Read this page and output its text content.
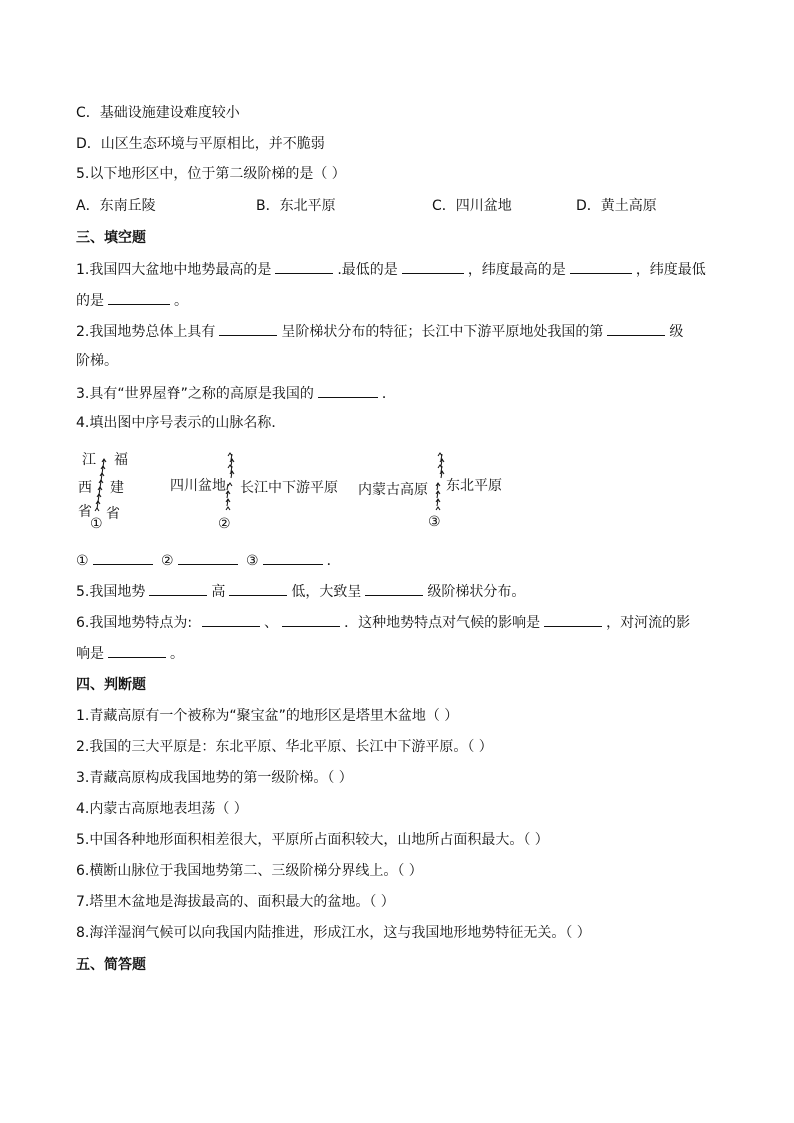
C．基础设施建设难度较小
D．山区生态环境与平原相比，并不脆弱
5.以下地形区中，位于第二级阶梯的是（ ）
A．东南丘陵	B．东北平原	C．四川盆地	D．黄土高原
三、填空题
1.我国四大盆地中地势最高的是	.最低的是	，纬度最高的是	，纬度最低
的是	。
2.我国地势总体上具有	呈阶梯状分布的特征；长江中下游平原地处我国的第	级
阶梯。
3.具有“世界屋脊”之称的高原是我国的	．
4.填出图中序号表示的山脉名称．
江
西
省
福
建
省
①
四川盆地 长江中下游平原
②
内蒙古高原 东北平原
③
①	②	③	．
5.我国地势	高	低，大致呈	级阶梯状分布。
6.我国地势特点为:	、	．这种地势特点对气候的影响是	，对河流的影
响是	。
四、判断题
1.青藏高原有一个被称为“聚宝盆”的地形区是塔里木盆地（ ）
2.我国的三大平原是：东北平原、华北平原、长江中下游平原。（ ）
3.青藏高原构成我国地势的第一级阶梯。（ ）
4.内蒙古高原地表坦荡（ ）
5.中国各种地形面积相差很大，平原所占面积较大，山地所占面积最大。（ ）
6.横断山脉位于我国地势第二、三级阶梯分界线上。（ ）
7.塔里木盆地是海拔最高的、面积最大的盆地。（ ）
8.海洋湿润气候可以向我国内陆推进，形成江水，这与我国地形地势特征无关。（ ）
五、简答题
